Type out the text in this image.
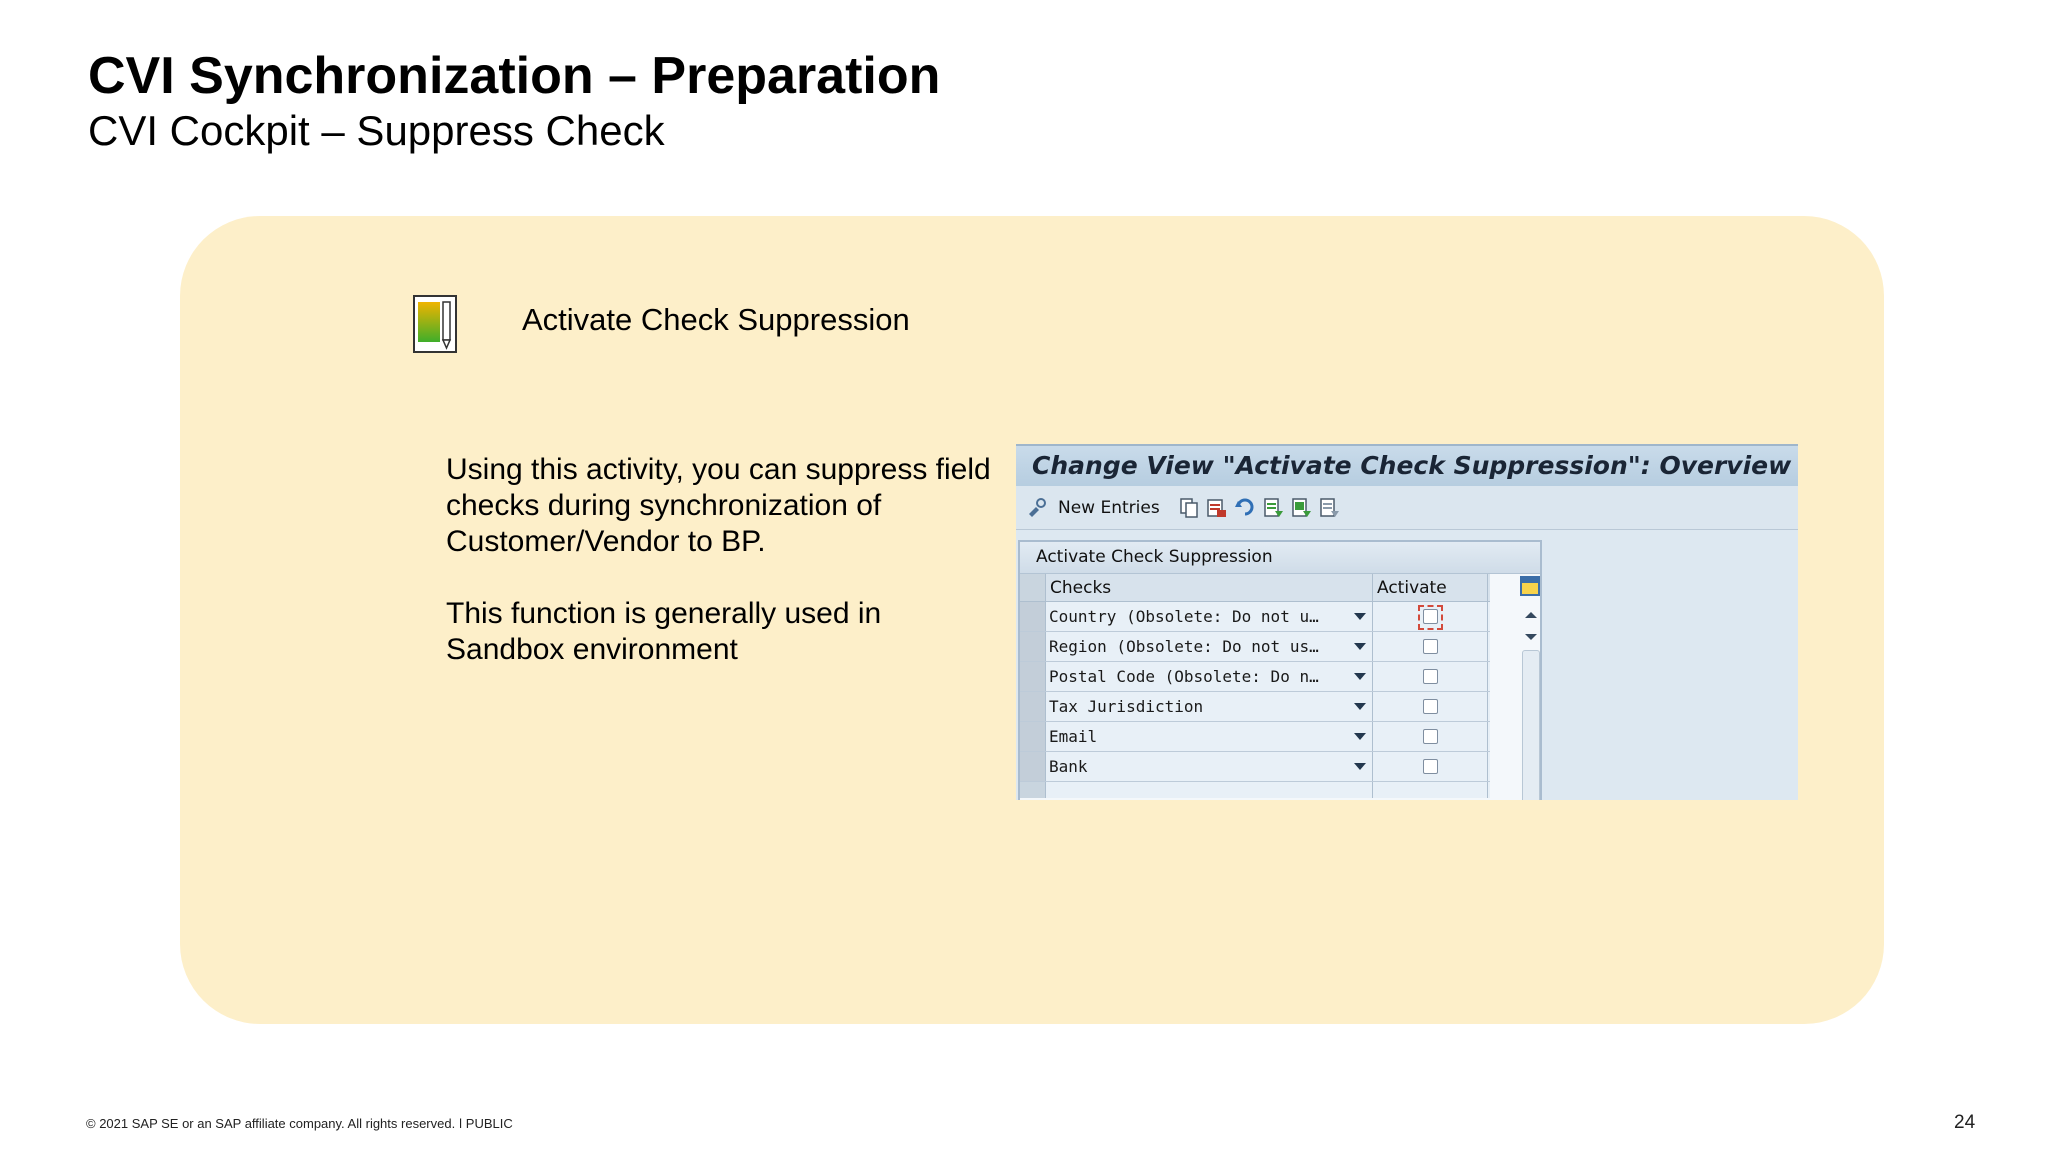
CVI Synchronization – Preparation
CVI Cockpit – Suppress Check
Activate Check Suppression

Using this activity, you can suppress field checks during synchronization of Customer/Vendor to BP.

This function is generally used in Sandbox environment

Change View "Activate Check Suppression": Overview
New Entries
Activate Check Suppression
Checks	Activate
Country (Obsolete: Do not u…
Region (Obsolete: Do not us…
Postal Code (Obsolete: Do n…
Tax Jurisdiction
Email
Bank
© 2021 SAP SE or an SAP affiliate company. All rights reserved. ǀ PUBLIC	24
